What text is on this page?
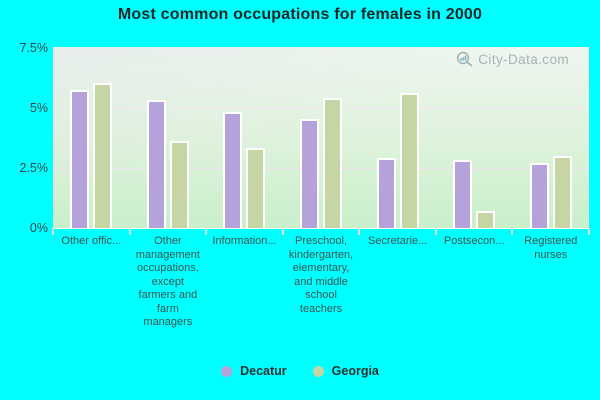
Most common occupations for females in 2000
7.5%
5%
2.5%
0%
City-Data.com
Other offic...	Other management occupations, except farmers and farm managers
Information...	Preschool, kindergarten, elementary, and middle school teachers
Secretarie...	Postsecon...	Registered nurses
Decatur	Georgia
